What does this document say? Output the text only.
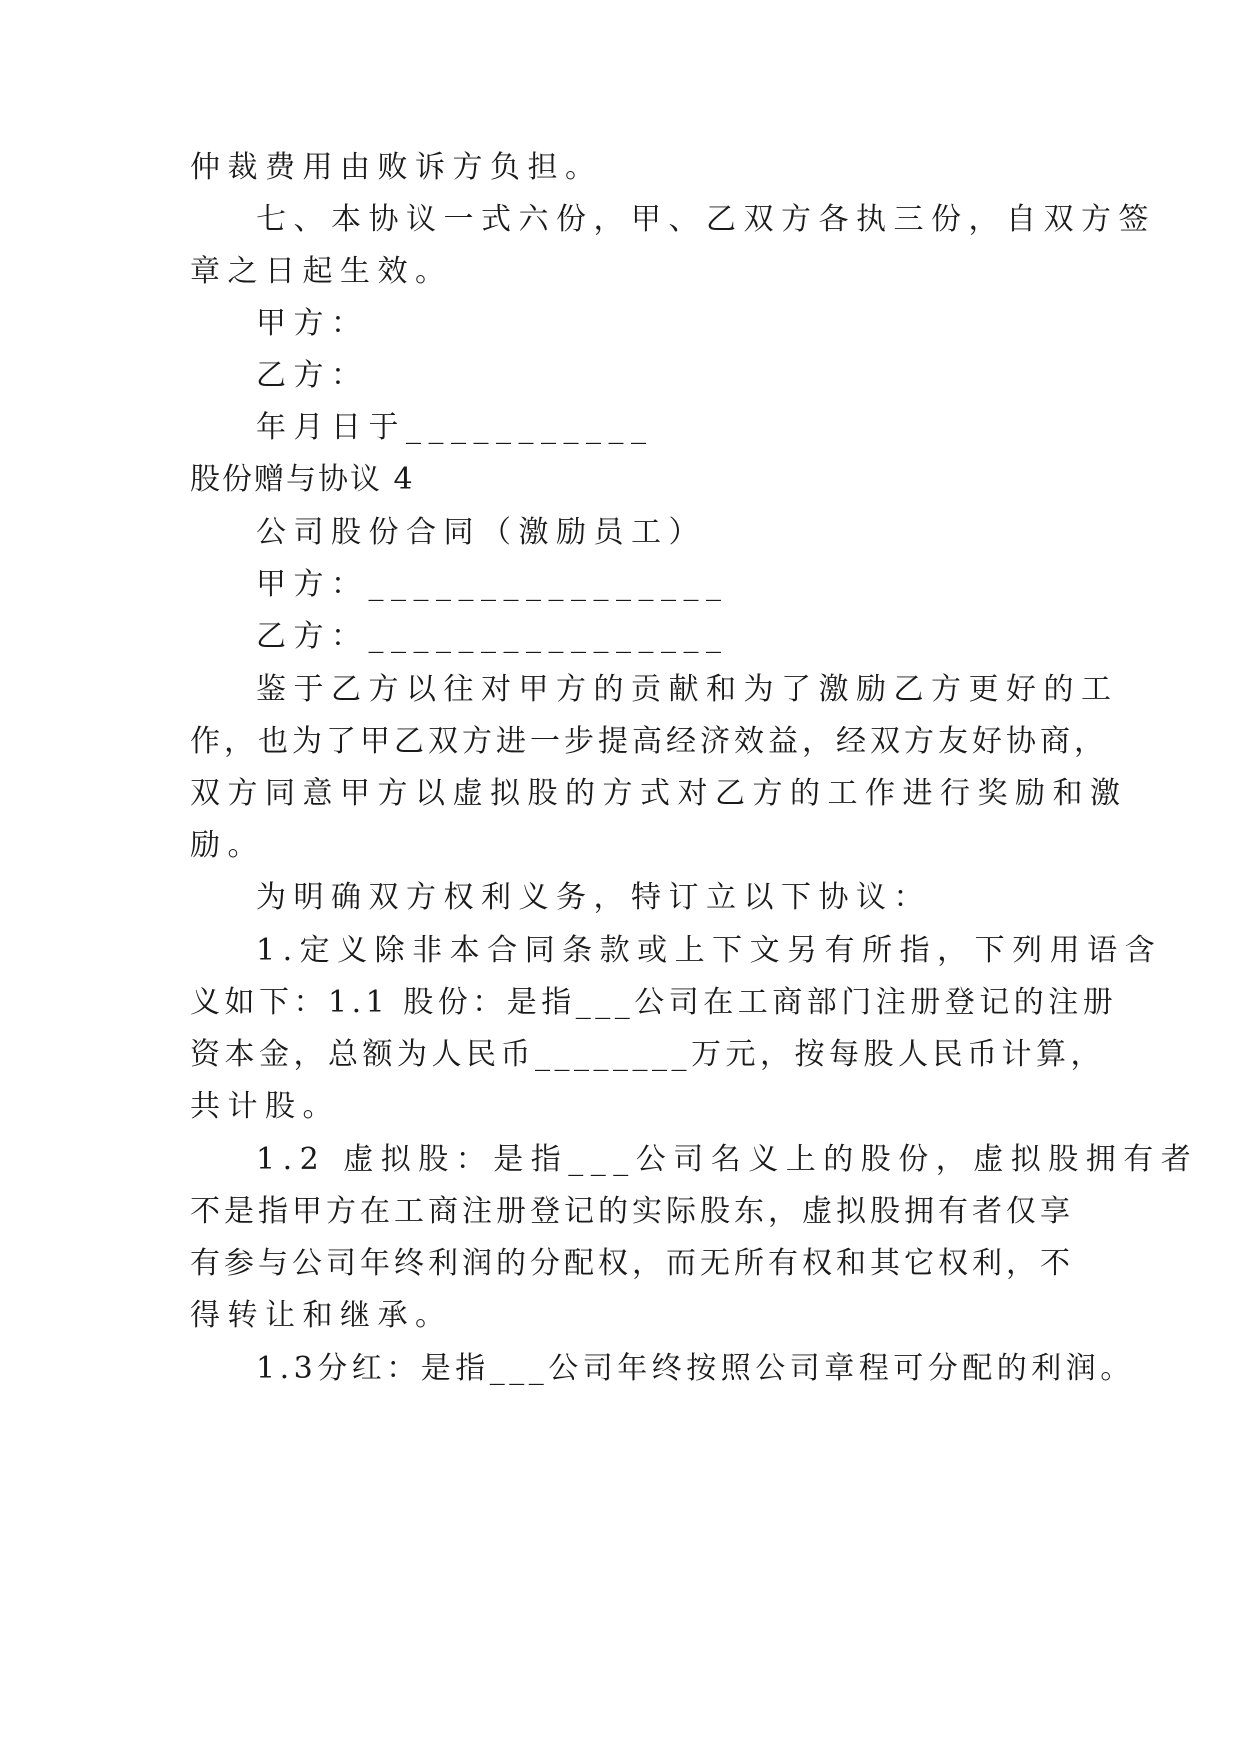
仲裁费用由败诉方负担。
七、本协议一式六份，甲、乙双方各执三份，自双方签
章之日起生效。
甲方：
乙方：
年月日于___________
股份赠与协议 4
公司股份合同（激励员工）
甲方：________________
乙方：________________
鉴于乙方以往对甲方的贡献和为了激励乙方更好的工
作，也为了甲乙双方进一步提高经济效益，经双方友好协商，
双方同意甲方以虚拟股的方式对乙方的工作进行奖励和激
励。
为明确双方权利义务，特订立以下协议：
1.定义除非本合同条款或上下文另有所指，下列用语含
义如下：1.1 股份：是指___公司在工商部门注册登记的注册
资本金，总额为人民币________万元，按每股人民币计算，
共计股。
1.2 虚拟股：是指___公司名义上的股份，虚拟股拥有者
不是指甲方在工商注册登记的实际股东，虚拟股拥有者仅享
有参与公司年终利润的分配权，而无所有权和其它权利，不
得转让和继承。
1.3分红：是指___公司年终按照公司章程可分配的利润。
